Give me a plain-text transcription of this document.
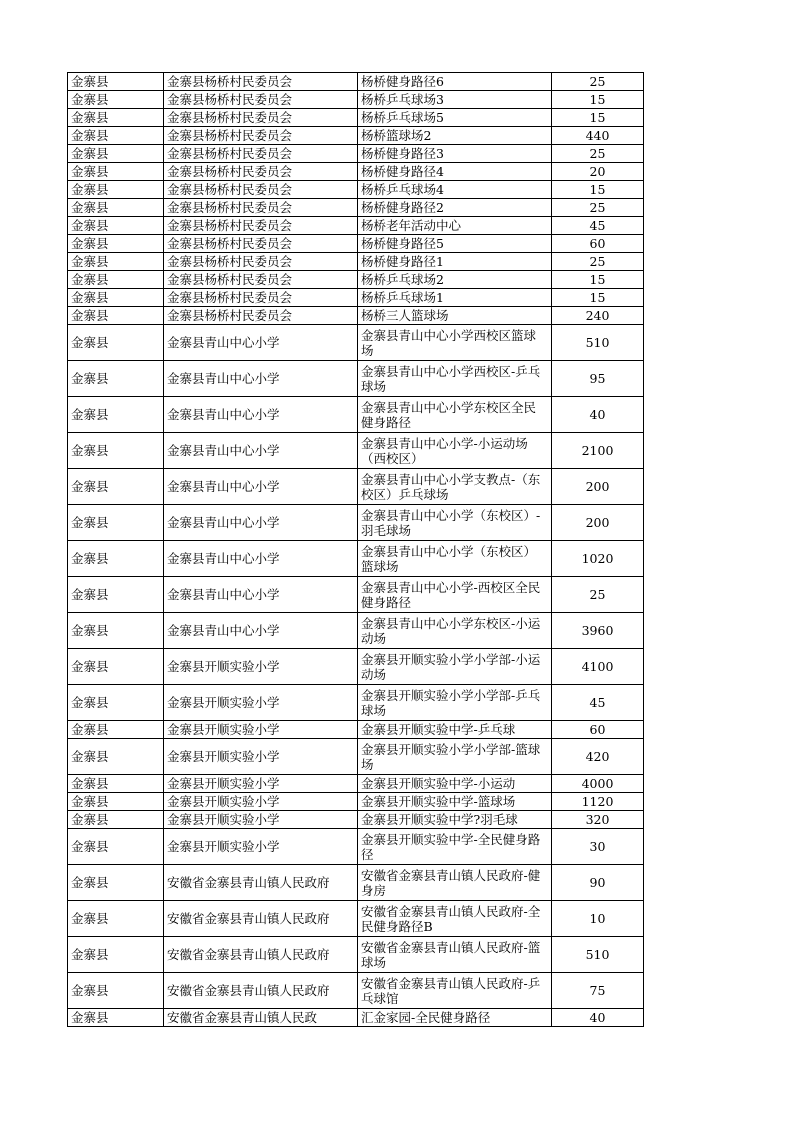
金寨县	金寨县杨桥村民委员会	杨桥健身路径6	25
金寨县	金寨县杨桥村民委员会	杨桥乒乓球场3	15
金寨县	金寨县杨桥村民委员会	杨桥乒乓球场5	15
金寨县	金寨县杨桥村民委员会	杨桥篮球场2	440
金寨县	金寨县杨桥村民委员会	杨桥健身路径3	25
金寨县	金寨县杨桥村民委员会	杨桥健身路径4	20
金寨县	金寨县杨桥村民委员会	杨桥乒乓球场4	15
金寨县	金寨县杨桥村民委员会	杨桥健身路径2	25
金寨县	金寨县杨桥村民委员会	杨桥老年活动中心	45
金寨县	金寨县杨桥村民委员会	杨桥健身路径5	60
金寨县	金寨县杨桥村民委员会	杨桥健身路径1	25
金寨县	金寨县杨桥村民委员会	杨桥乒乓球场2	15
金寨县	金寨县杨桥村民委员会	杨桥乒乓球场1	15
金寨县	金寨县杨桥村民委员会	杨桥三人篮球场	240
金寨县	金寨县青山中心小学	金寨县青山中心小学西校区篮球场	510
金寨县	金寨县青山中心小学	金寨县青山中心小学西校区-乒乓球场	95
金寨县	金寨县青山中心小学	金寨县青山中心小学东校区全民健身路径	40
金寨县	金寨县青山中心小学	金寨县青山中心小学-小运动场（西校区）	2100
金寨县	金寨县青山中心小学	金寨县青山中心小学支教点-（东校区）乒乓球场	200
金寨县	金寨县青山中心小学	金寨县青山中心小学（东校区）-羽毛球场	200
金寨县	金寨县青山中心小学	金寨县青山中心小学（东校区）篮球场	1020
金寨县	金寨县青山中心小学	金寨县青山中心小学-西校区全民健身路径	25
金寨县	金寨县青山中心小学	金寨县青山中心小学东校区-小运动场	3960
金寨县	金寨县开顺实验小学	金寨县开顺实验小学小学部-小运动场	4100
金寨县	金寨县开顺实验小学	金寨县开顺实验小学小学部-乒乓球场	45
金寨县	金寨县开顺实验小学	金寨县开顺实验中学-乒乓球	60
金寨县	金寨县开顺实验小学	金寨县开顺实验小学小学部-篮球场	420
金寨县	金寨县开顺实验小学	金寨县开顺实验中学-小运动	4000
金寨县	金寨县开顺实验小学	金寨县开顺实验中学-篮球场	1120
金寨县	金寨县开顺实验小学	金寨县开顺实验中学?羽毛球	320
金寨县	金寨县开顺实验小学	金寨县开顺实验中学-全民健身路径	30
金寨县	安徽省金寨县青山镇人民政府	安徽省金寨县青山镇人民政府-健身房	90
金寨县	安徽省金寨县青山镇人民政府	安徽省金寨县青山镇人民政府-全民健身路径B	10
金寨县	安徽省金寨县青山镇人民政府	安徽省金寨县青山镇人民政府-篮球场	510
金寨县	安徽省金寨县青山镇人民政府	安徽省金寨县青山镇人民政府-乒乓球馆	75
金寨县	安徽省金寨县青山镇人民政	汇金家园-全民健身路径	40
